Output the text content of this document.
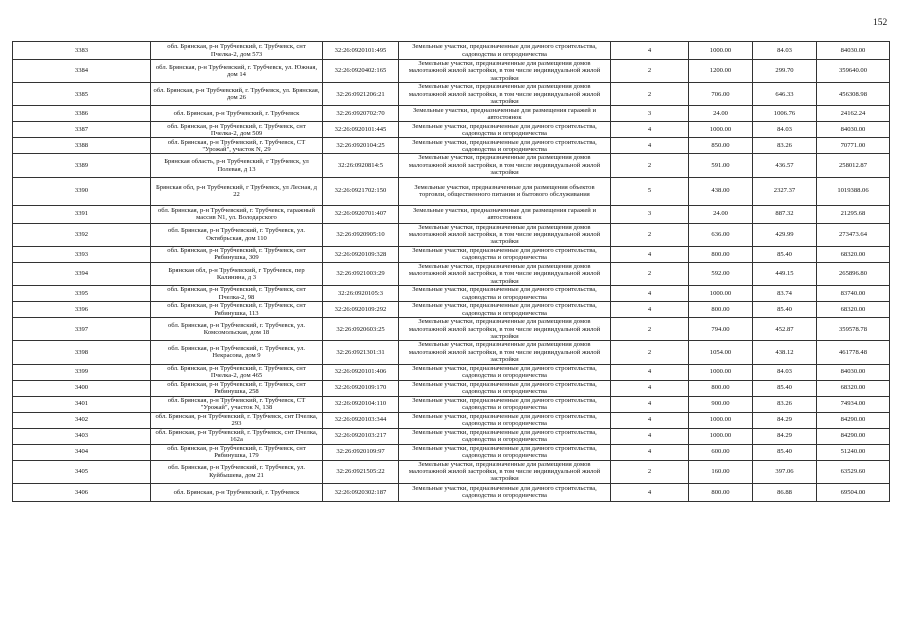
152
3383	обл. Брянская, р-н Трубчевский, г. Трубчевск, снт Пчелка-2, дом 573	32:26:0920101:495	Земельные участки, предназначенные для дачного строительства, садоводства и огородничества	4	1000.00	84.03	84030.00
3384	обл. Брянская, р-н Трубчевский, г. Трубчевск, ул. Южная, дом 14	32:26:0920402:165	Земельные участки, предназначенные для размещения домов малоэтажной жилой застройки, в том числе индивидуальной жилой застройки	2	1200.00	299.70	359640.00
3385	обл. Брянская, р-н Трубчевский, г. Трубчевск, ул. Брянская, дом 26	32:26:0921206:21	Земельные участки, предназначенные для размещения домов малоэтажной жилой застройки, в том числе индивидуальной жилой застройки	2	706.00	646.33	456308.98
3386	обл. Брянская, р-н Трубчевский, г. Трубчевск	32:26:0920702:70	Земельные участки, предназначенные для размещения гаражей и автостоянок	3	24.00	1006.76	24162.24
3387	обл. Брянская, р-н Трубчевский, г. Трубчевск, снт Пчелка-2, дом 509	32:26:0920101:445	Земельные участки, предназначенные для дачного строительства, садоводства и огородничества	4	1000.00	84.03	84030.00
3388	обл. Брянская, р-н Трубчевский, г. Трубчевск, СТ "Урожай", участок N, 29	32:26:0920104:25	Земельные участки, предназначенные для дачного строительства, садоводства и огородничества	4	850.00	83.26	70771.00
3389	Брянская область, р-н Трубчевский, г Трубчевск, ул Полевая, д 13	32:26:0920814:5	Земельные участки, предназначенные для размещения домов малоэтажной жилой застройки, в том числе индивидуальной жилой застройки	2	591.00	436.57	258012.87
3390	Брянская обл, р-н Трубчевский, г Трубчевск, ул Лесная, д 22	32:26:0921702:150	Земельные участки, предназначенные для размещения объектов торговли, общественного питания и бытового обслуживания	5	438.00	2327.37	1019388.06
3391	обл. Брянская, р-н Трубчевский, г. Трубчевск, гаражный массив N1, ул. Володарского	32:26:0920701:407	Земельные участки, предназначенные для размещения гаражей и автостоянок	3	24.00	887.32	21295.68
3392	обл. Брянская, р-н Трубчевский, г. Трубчевск, ул. Октябрьская, дом 110	32:26:0920905:10	Земельные участки, предназначенные для размещения домов малоэтажной жилой застройки, в том числе индивидуальной жилой застройки	2	636.00	429.99	273473.64
3393	обл. Брянская, р-н Трубчевский, г. Трубчевск, снт Рябинушка, 309	32:26:0920109:328	Земельные участки, предназначенные для дачного строительства, садоводства и огородничества	4	800.00	85.40	68320.00
3394	Брянская обл, р-н Трубчевский, г Трубчевск, пер Калинина, д 3	32:26:0921003:29	Земельные участки, предназначенные для размещения домов малоэтажной жилой застройки, в том числе индивидуальной жилой застройки	2	592.00	449.15	265896.80
3395	обл. Брянская, р-н Трубчевский, г. Трубчевск, снт Пчелка-2, 98	32:26:0920105:3	Земельные участки, предназначенные для дачного строительства, садоводства и огородничества	4	1000.00	83.74	83740.00
3396	обл. Брянская, р-н Трубчевский, г. Трубчевск, снт Рябинушка, 113	32:26:0920109:292	Земельные участки, предназначенные для дачного строительства, садоводства и огородничества	4	800.00	85.40	68320.00
3397	обл. Брянская, р-н Трубчевский, г. Трубчевск, ул. Комсомольская, дом 18	32:26:0920603:25	Земельные участки, предназначенные для размещения домов малоэтажной жилой застройки, в том числе индивидуальной жилой застройки	2	794.00	452.87	359578.78
3398	обл. Брянская, р-н Трубчевский, г. Трубчевск, ул. Некрасова, дом 9	32:26:0921301:31	Земельные участки, предназначенные для размещения домов малоэтажной жилой застройки, в том числе индивидуальной жилой застройки	2	1054.00	438.12	461778.48
3399	обл. Брянская, р-н Трубчевский, г. Трубчевск, снт Пчелка-2, дом 465	32:26:0920101:406	Земельные участки, предназначенные для дачного строительства, садоводства и огородничества	4	1000.00	84.03	84030.00
3400	обл. Брянская, р-н Трубчевский, г. Трубчевск, снт Рябинушка, 258	32:26:0920109:170	Земельные участки, предназначенные для дачного строительства, садоводства и огородничества	4	800.00	85.40	68320.00
3401	обл. Брянская, р-н Трубчевский, г. Трубчевск, СТ "Урожай", участок N, 138	32:26:0920104:110	Земельные участки, предназначенные для дачного строительства, садоводства и огородничества	4	900.00	83.26	74934.00
3402	обл. Брянская, р-н Трубчевский, г. Трубчевск, снт Пчелка, 293	32:26:0920103:344	Земельные участки, предназначенные для дачного строительства, садоводства и огородничества	4	1000.00	84.29	84290.00
3403	обл. Брянская, р-н Трубчевский, г. Трубчевск, снт Пчелка, 162а	32:26:0920103:217	Земельные участки, предназначенные для дачного строительства, садоводства и огородничества	4	1000.00	84.29	84290.00
3404	обл. Брянская, р-н Трубчевский, г. Трубчевск, снт Рябинушка, 179	32:26:0920109:97	Земельные участки, предназначенные для дачного строительства, садоводства и огородничества	4	600.00	85.40	51240.00
3405	обл. Брянская, р-н Трубчевский, г. Трубчевск, ул. Куйбышева, дом 21	32:26:0921505:22	Земельные участки, предназначенные для размещения домов малоэтажной жилой застройки, в том числе индивидуальной жилой застройки	2	160.00	397.06	63529.60
3406	обл. Брянская, р-н Трубчевский, г. Трубчевск	32:26:0920302:187	Земельные участки, предназначенные для дачного строительства, садоводства и огородничества	4	800.00	86.88	69504.00
